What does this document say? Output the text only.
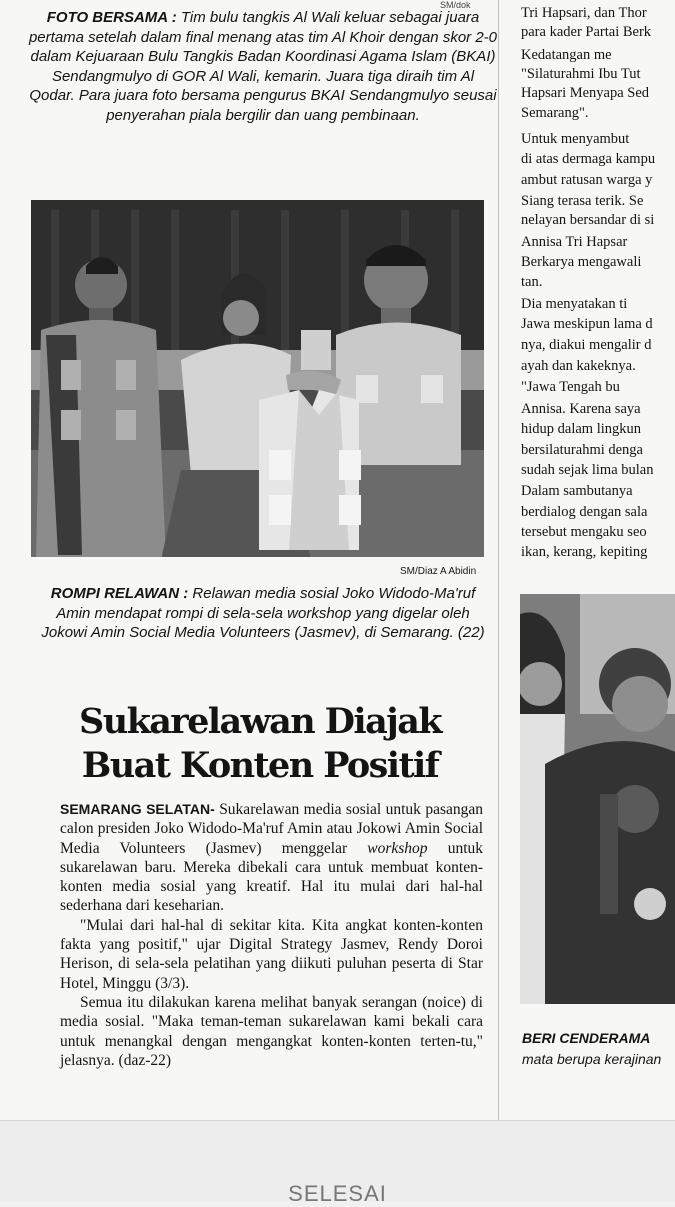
SM/dok
FOTO BERSAMA : Tim bulu tangkis Al Wali keluar sebagai juara pertama setelah dalam final menang atas tim Al Khoir dengan skor 2-0 dalam Kejuaraan Bulu Tangkis Badan Koordinasi Agama Islam (BKAI) Sendangmulyo di GOR Al Wali, kemarin. Juara tiga diraih tim Al Qodar. Para juara foto bersama pengurus BKAI Sendangmulyo seusai penyerahan piala bergilir dan uang pembinaan.
SM/Diaz A Abidin
ROMPI RELAWAN : Relawan media sosial Joko Widodo-Ma'ruf Amin mendapat rompi di sela-sela workshop yang digelar oleh Jokowi Amin Social Media Volunteers (Jasmev), di Semarang. (22)
Sukarelawan Diajak
Buat Konten Positif

SEMARANG SELATAN- Sukarelawan media sosial untuk pasangan calon presiden Joko Widodo-Ma'ruf Amin atau Jokowi Amin Social Media Volunteers (Jasmev) menggelar workshop untuk sukarelawan baru. Mereka dibekali cara untuk membuat konten-konten media sosial yang kreatif. Hal itu mulai dari hal-hal sederhana dari keseharian.

"Mulai dari hal-hal di sekitar kita. Kita angkat konten-konten fakta yang positif," ujar Digital Strategy Jasmev, Rendy Doroi Herison, di sela-sela pelatihan yang diikuti puluhan peserta di Star Hotel, Minggu (3/3).

Semua itu dilakukan karena melihat banyak serangan (noice) di media sosial. "Maka teman-teman sukarelawan kami bekali cara untuk menangkal dengan mengangkat konten-konten terten-tu," jelasnya. (daz-22)

Tri Hapsari, dan Thor
para kader Partai Berk
Kedatangan me
"Silaturahmi Ibu Tut
Hapsari Menyapa Sed
Semarang".
Untuk menyambut
di atas dermaga kampu
ambut ratusan warga y
Siang terasa terik. Se
nelayan bersandar di si
Annisa Tri Hapsar
Berkarya mengawali
tan.
Dia menyatakan ti
Jawa meskipun lama d
nya, diakui mengalir d
ayah dan kakeknya.
"Jawa Tengah bu
Annisa. Karena saya
hidup dalam lingkun
bersilaturahmi denga
sudah sejak lima bulan
Dalam sambutanya
berdialog dengan sala
tersebut mengaku seo
ikan, kerang, kepiting
BERI CENDERAMA
mata berupa kerajinan
SELESAI
